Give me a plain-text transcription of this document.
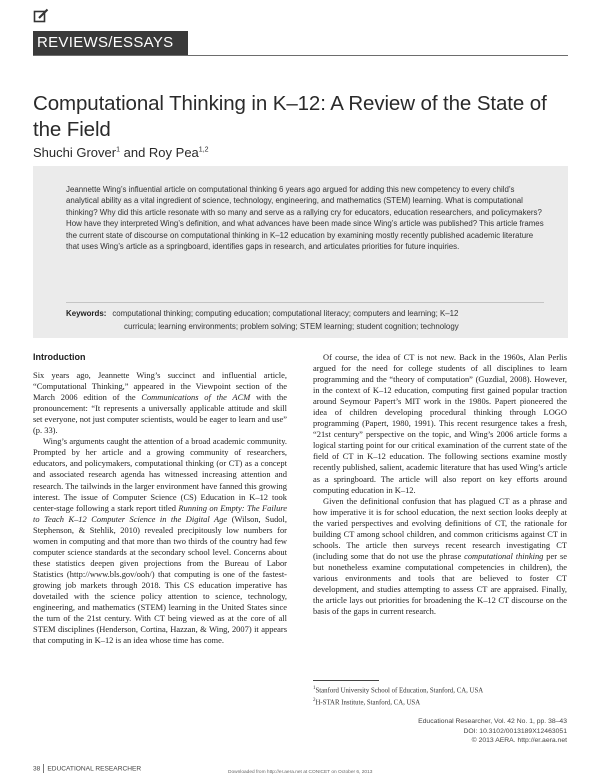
REVIEWS/ESSAYS
Computational Thinking in K–12: A Review of the State of the Field
Shuchi Grover$^1$ and Roy Pea$^{1,2}$

Jeannette Wing’s influential article on computational thinking 6 years ago argued for adding this new competency to every child’s analytical ability as a vital ingredient of science, technology, engineering, and mathematics (STEM) learning. What is computational thinking? Why did this article resonate with so many and serve as a rallying cry for educators, education researchers, and policymakers? How have they interpreted Wing’s definition, and what advances have been made since Wing’s article was published? This article frames the current state of discourse on computational thinking in K–12 education by examining mostly recently published academic literature that uses Wing’s article as a springboard, identifies gaps in research, and articulates priorities for future inquiries.

Keywords: computational thinking; computing education; computational literacy; computers and learning; K–12
curricula; learning environments; problem solving; STEM learning; student cognition; technology
Introduction

Six years ago, Jeannette Wing’s succinct and influential article, “Computational Thinking,” appeared in the Viewpoint section of the March 2006 edition of the Communications of the ACM with the pronouncement: “It represents a universally applicable attitude and skill set everyone, not just computer scientists, would be eager to learn and use” (p. 33).

Wing’s arguments caught the attention of a broad academic community. Prompted by her article and a growing community of researchers, educators, and policymakers, computational thinking (or CT) as a concept and associated research agenda has witnessed increasing attention and research. The tailwinds in the larger environment have fanned this growing interest. The issue of Computer Science (CS) Education in K–12 took center-stage following a stark report titled Running on Empty: The Failure to Teach K–12 Computer Science in the Digital Age (Wilson, Sudol, Stephenson, & Stehlik, 2010) revealed precipitously low numbers for women in computing and that more than two thirds of the country had few computer science standards at the secondary school level. Concerns about these statistics deepen given projections from the Bureau of Labor Statistics (http://www.bls.gov/ooh/) that computing is one of the fastest-growing job markets through 2018. This CS education imperative has dovetailed with the science policy attention to science, technology, engineering, and mathematics (STEM) learning in the United States since the turn of the 21st century. With CT being viewed as at the core of all STEM disciplines (Henderson, Cortina, Hazzan, & Wing, 2007) it appears that computing in K–12 is an idea whose time has come.

Of course, the idea of CT is not new. Back in the 1960s, Alan Perlis argued for the need for college students of all disciplines to learn programming and the “theory of computation” (Guzdial, 2008). However, in the context of K–12 education, computing first gained popular traction around Seymour Papert’s MIT work in the 1980s. Papert pioneered the idea of children developing procedural thinking through LOGO programming (Papert, 1980, 1991). This recent resurgence takes a fresh, “21st century” perspective on the topic, and Wing’s 2006 article forms a logical starting point for our critical examination of the current state of the field of CT in K–12 education. The following sections examine mostly recently published, salient, academic literature that has used Wing’s article as a springboard. The article will also report on key efforts around computing education in K–12.

Given the definitional confusion that has plagued CT as a phrase and how imperative it is for school education, the next section looks deeply at the varied perspectives and evolving definitions of CT, the rationale for building CT among school children, and common criticisms against CT in schools. The article then surveys recent research investigating CT (including some that do not use the phrase computational thinking per se but nonetheless examine computational competencies in children), the various environments and tools that are believed to foster CT development, and studies attempting to assess CT are appraised. Finally, the article lays out priorities for broadening the K–12 CT discourse on the basis of the gaps in current research.

$^1$Stanford University School of Education, Stanford, CA, USA
$^2$H-STAR Institute, Stanford, CA, USA
Educational Researcher, Vol. 42 No. 1, pp. 38–43
DOI: 10.3102/0013189X12463051
© 2013 AERA. http://er.aera.net
38 EDUCATIONAL RESEARCHER
Downloaded from http://er.aera.net at CONICET on October 6, 2013
